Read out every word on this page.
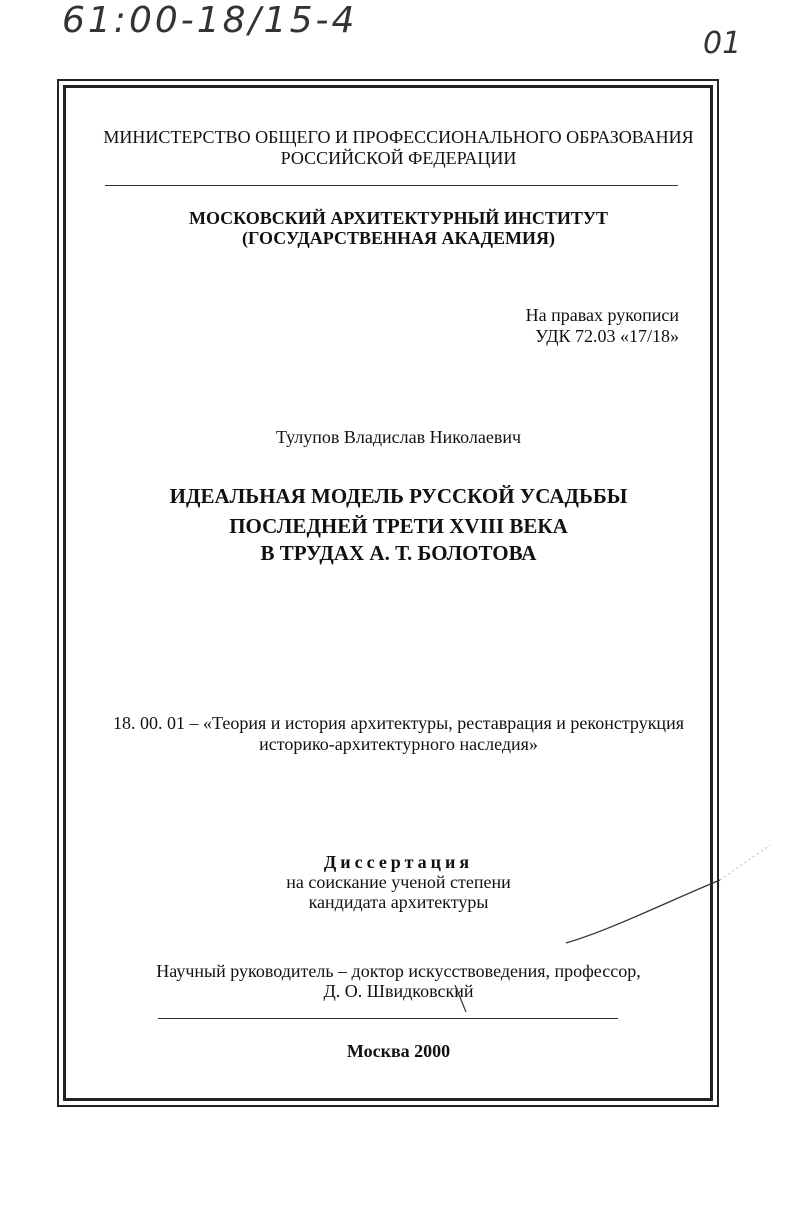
61:00-18/15-4
01
МИНИСТЕРСТВО ОБЩЕГО И ПРОФЕССИОНАЛЬНОГО ОБРАЗОВАНИЯ
РОССИЙСКОЙ ФЕДЕРАЦИИ
МОСКОВСКИЙ АРХИТЕКТУРНЫЙ ИНСТИТУТ
(ГОСУДАРСТВЕННАЯ АКАДЕМИЯ)
На правах рукописи
УДК 72.03 «17/18»
Тулупов Владислав Николаевич
ИДЕАЛЬНАЯ МОДЕЛЬ РУССКОЙ УСАДЬБЫ
ПОСЛЕДНЕЙ ТРЕТИ XVIII ВЕКА
В ТРУДАХ А. Т. БОЛОТОВА
18. 00. 01 – «Теория и история архитектуры, реставрация и реконструкция
историко-архитектурного наследия»
Диссертация
на соискание ученой степени
кандидата архитектуры
Научный руководитель – доктор искусствоведения, профессор,
Д. О. Швидковский
Москва 2000
